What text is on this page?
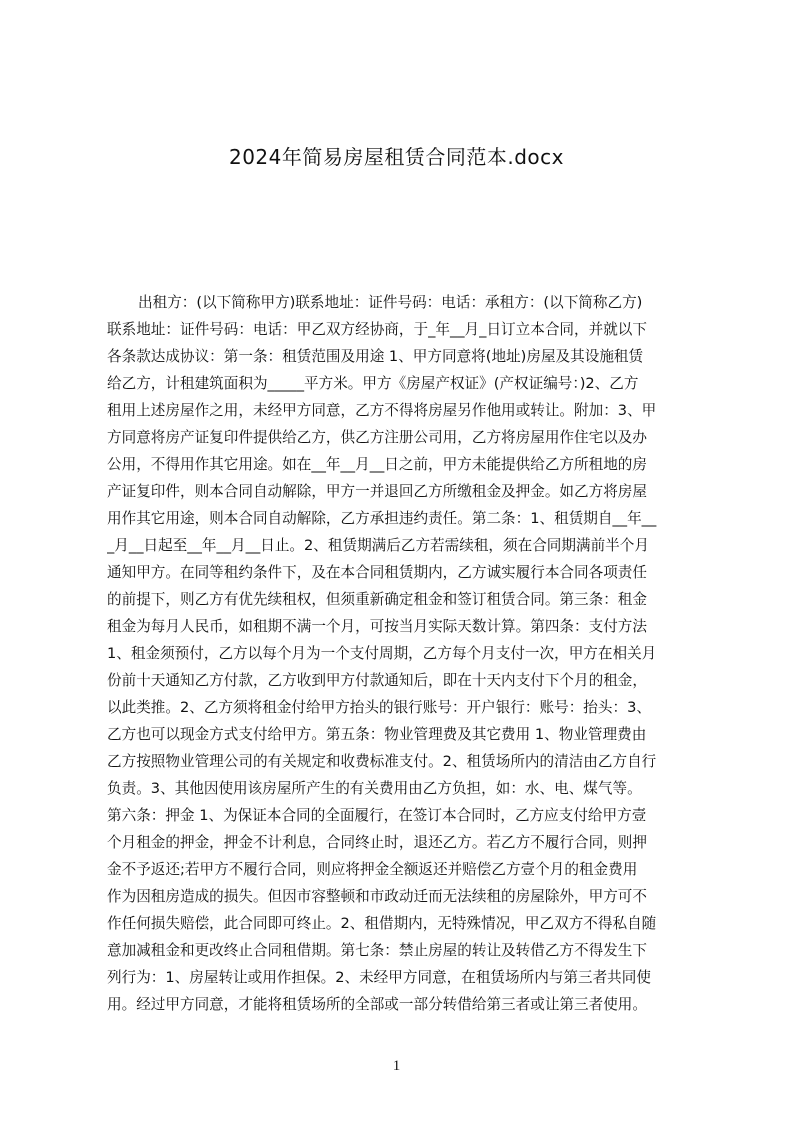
2024年简易房屋租赁合同范本.docx
出租方：(以下简称甲方)联系地址：证件号码：电话：承租方：(以下简称乙方)
联系地址：证件号码：电话：甲乙双方经协商，于_年__月_日订立本合同，并就以下
各条款达成协议：第一条：租赁范围及用途 1、甲方同意将(地址)房屋及其设施租赁
给乙方，计租建筑面积为_____平方米。甲方《房屋产权证》(产权证编号：)2、乙方
租用上述房屋作之用，未经甲方同意，乙方不得将房屋另作他用或转让。附加：3、甲
方同意将房产证复印件提供给乙方，供乙方注册公司用，乙方将房屋用作住宅以及办
公用，不得用作其它用途。如在__年__月__日之前，甲方未能提供给乙方所租地的房
产证复印件，则本合同自动解除，甲方一并退回乙方所缴租金及押金。如乙方将房屋
用作其它用途，则本合同自动解除，乙方承担违约责任。第二条：1、租赁期自__年__
_月__日起至__年__月__日止。2、租赁期满后乙方若需续租，须在合同期满前半个月
通知甲方。在同等租约条件下，及在本合同租赁期内，乙方诚实履行本合同各项责任
的前提下，则乙方有优先续租权，但须重新确定租金和签订租赁合同。第三条：租金
租金为每月人民币，如租期不满一个月，可按当月实际天数计算。第四条：支付方法
1、租金须预付，乙方以每个月为一个支付周期，乙方每个月支付一次，甲方在相关月
份前十天通知乙方付款，乙方收到甲方付款通知后，即在十天内支付下个月的租金，
以此类推。2、乙方须将租金付给甲方抬头的银行账号：开户银行：账号：抬头：3、
乙方也可以现金方式支付给甲方。第五条：物业管理费及其它费用 1、物业管理费由
乙方按照物业管理公司的有关规定和收费标准支付。2、租赁场所内的清洁由乙方自行
负责。3、其他因使用该房屋所产生的有关费用由乙方负担，如：水、电、煤气等。
第六条：押金 1、为保证本合同的全面履行，在签订本合同时，乙方应支付给甲方壹
个月租金的押金，押金不计利息，合同终止时，退还乙方。若乙方不履行合同，则押
金不予返还;若甲方不履行合同，则应将押金全额返还并赔偿乙方壹个月的租金费用
作为因租房造成的损失。但因市容整顿和市政动迁而无法续租的房屋除外，甲方可不
作任何损失赔偿，此合同即可终止。2、租借期内，无特殊情况，甲乙双方不得私自随
意加减租金和更改终止合同租借期。第七条：禁止房屋的转让及转借乙方不得发生下
列行为：1、房屋转让或用作担保。2、未经甲方同意，在租赁场所内与第三者共同使
用。经过甲方同意，才能将租赁场所的全部或一部分转借给第三者或让第三者使用。
1
